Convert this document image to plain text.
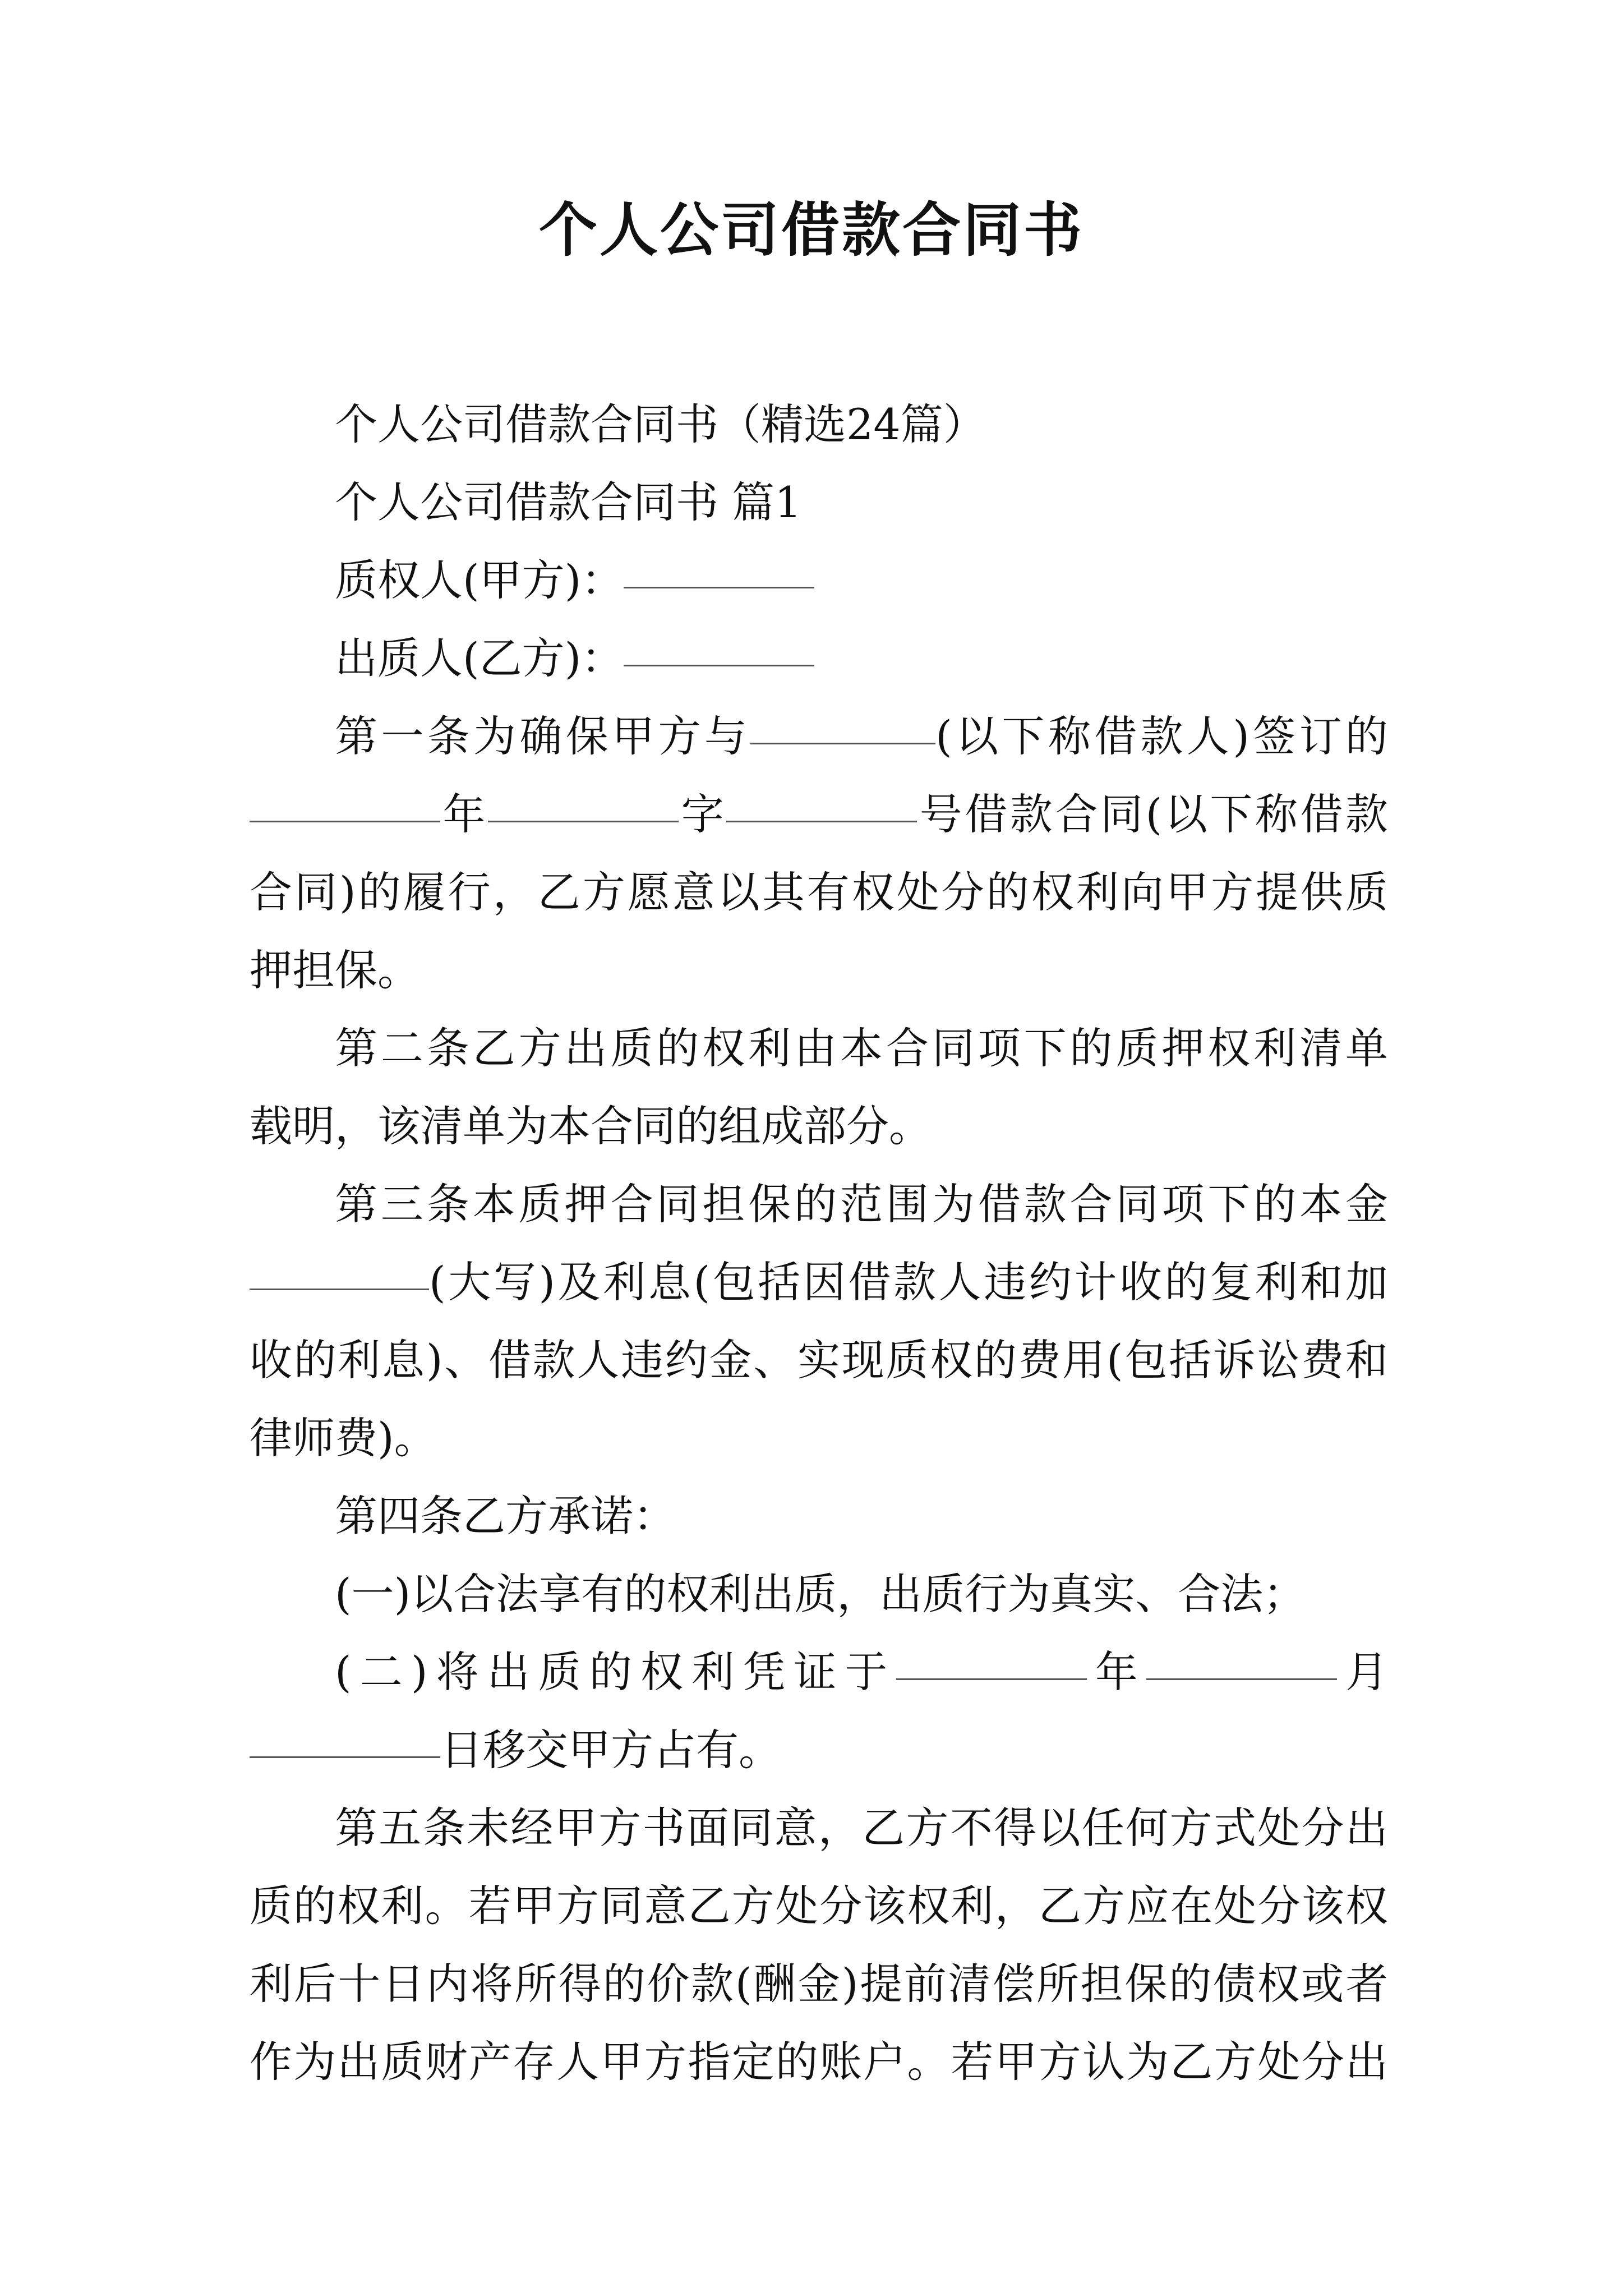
个人公司借款合同书
个人公司借款合同书（精选24篇）
个人公司借款合同书 篇1
质权人(甲方)：
出质人(乙方)：
第一条为确保甲方与	(以下称借款人)签订的
年	字	号借款合同(以下称借款
合同)的履行，乙方愿意以其有权处分的权利向甲方提供质
押担保。
第二条乙方出质的权利由本合同项下的质押权利清单
载明，该清单为本合同的组成部分。
第三条本质押合同担保的范围为借款合同项下的本金
(大写)及利息(包括因借款人违约计收的复利和加
收的利息)、借款人违约金、实现质权的费用(包括诉讼费和
律师费)。
第四条乙方承诺：
(一)以合法享有的权利出质，出质行为真实、合法；
(二)将出质的权利凭证于	年	月
日移交甲方占有。
第五条未经甲方书面同意，乙方不得以任何方式处分出
质的权利。若甲方同意乙方处分该权利，乙方应在处分该权
利后十日内将所得的价款(酬金)提前清偿所担保的债权或者
作为出质财产存人甲方指定的账户。若甲方认为乙方处分出
